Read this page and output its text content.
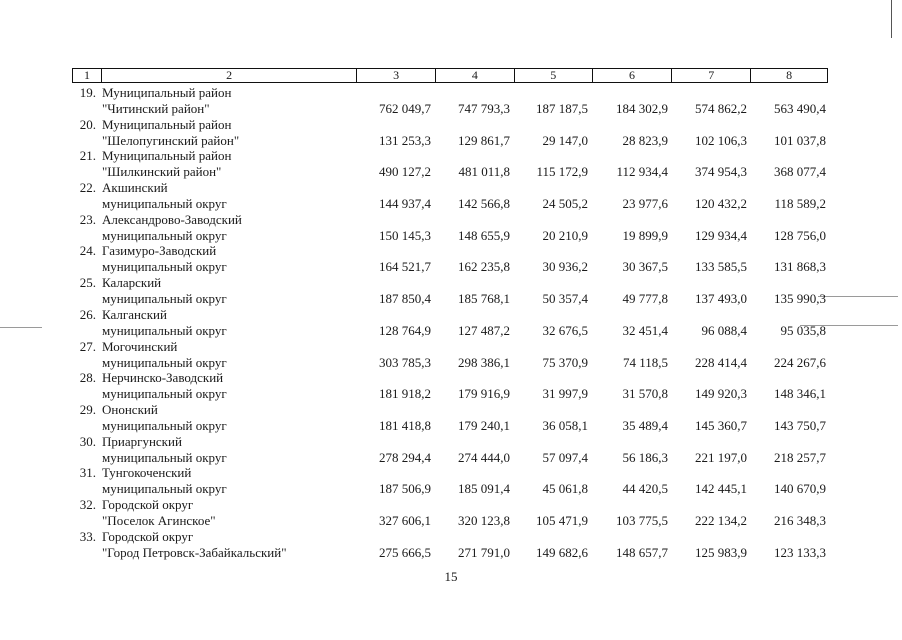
1	2	3	4	5	6	7	8
19. Муниципальный район
"Читинский район"	762 049,7	747 793,3	187 187,5	184 302,9	574 862,2	563 490,4
20. Муниципальный район
"Шелопугинский район"	131 253,3	129 861,7	29 147,0	28 823,9	102 106,3	101 037,8
21. Муниципальный район
"Шилкинский район"	490 127,2	481 011,8	115 172,9	112 934,4	374 954,3	368 077,4
22. Акшинский
муниципальный округ	144 937,4	142 566,8	24 505,2	23 977,6	120 432,2	118 589,2
23. Александрово-Заводский
муниципальный округ	150 145,3	148 655,9	20 210,9	19 899,9	129 934,4	128 756,0
24. Газимуро-Заводский
муниципальный округ	164 521,7	162 235,8	30 936,2	30 367,5	133 585,5	131 868,3
25. Каларский
муниципальный округ	187 850,4	185 768,1	50 357,4	49 777,8	137 493,0	135 990,3
26. Калганский
муниципальный округ	128 764,9	127 487,2	32 676,5	32 451,4	96 088,4	95 035,8
27. Могочинский
муниципальный округ	303 785,3	298 386,1	75 370,9	74 118,5	228 414,4	224 267,6
28. Нерчинско-Заводский
муниципальный округ	181 918,2	179 916,9	31 997,9	31 570,8	149 920,3	148 346,1
29. Ононский
муниципальный округ	181 418,8	179 240,1	36 058,1	35 489,4	145 360,7	143 750,7
30. Приаргунский
муниципальный округ	278 294,4	274 444,0	57 097,4	56 186,3	221 197,0	218 257,7
31. Тунгокоченский
муниципальный округ	187 506,9	185 091,4	45 061,8	44 420,5	142 445,1	140 670,9
32. Городской округ
"Поселок Агинское"	327 606,1	320 123,8	105 471,9	103 775,5	222 134,2	216 348,3
33. Городской округ
"Город Петровск-Забайкальский"	275 666,5	271 791,0	149 682,6	148 657,7	125 983,9	123 133,3
15
